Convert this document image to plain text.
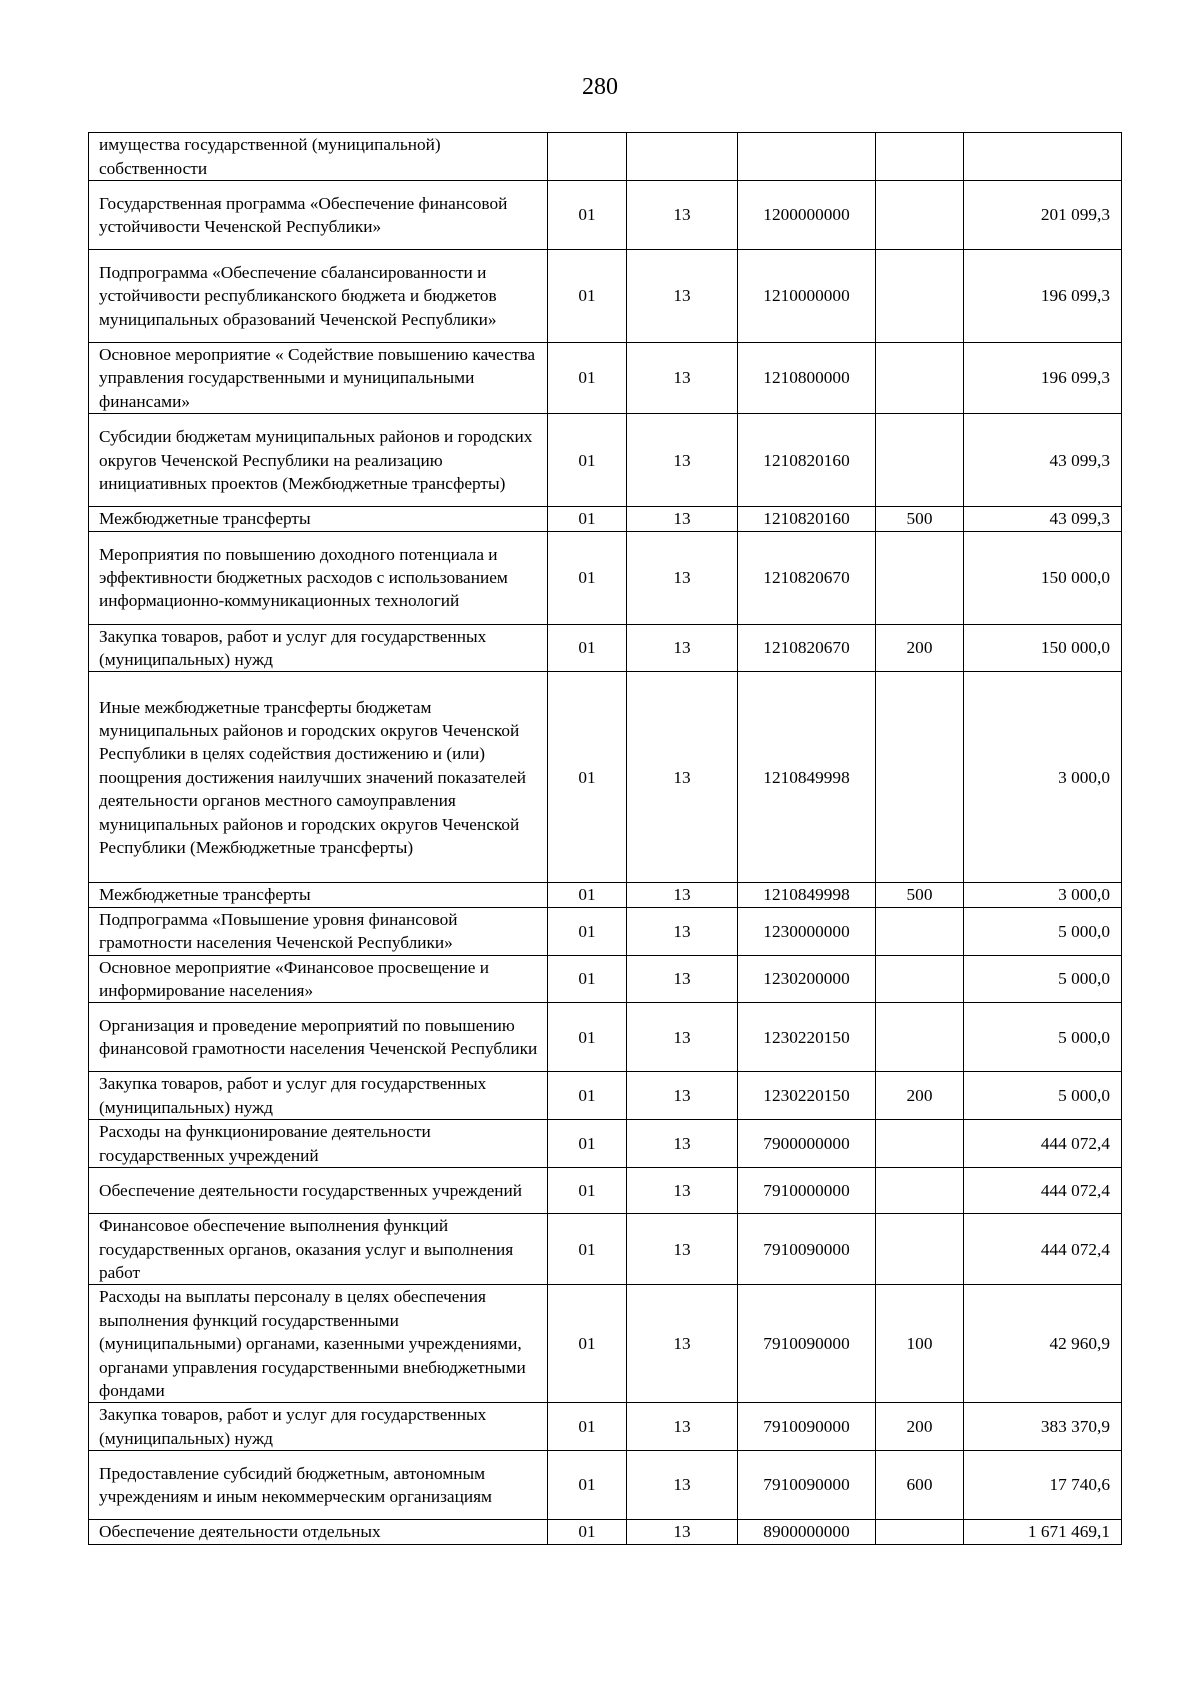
280
имущества государственной (муниципальной) собственности					
Государственная программа «Обеспечение финансовой устойчивости Чеченской Республики»	01	13	1200000000		201 099,3
Подпрограмма «Обеспечение сбалансированности и устойчивости республиканского бюджета и бюджетов муниципальных образований Чеченской Республики»	01	13	1210000000		196 099,3
Основное мероприятие « Содействие повышению качества управления государственными и муниципальными финансами»	01	13	1210800000		196 099,3
Субсидии бюджетам муниципальных районов и городских округов Чеченской Республики на реализацию инициативных проектов (Межбюджетные трансферты)	01	13	1210820160		43 099,3
Межбюджетные трансферты	01	13	1210820160	500	43 099,3
Мероприятия по повышению доходного потенциала и эффективности бюджетных расходов с использованием информационно-коммуникационных технологий	01	13	1210820670		150 000,0
Закупка товаров, работ и услуг для государственных (муниципальных) нужд	01	13	1210820670	200	150 000,0
Иные межбюджетные трансферты бюджетам муниципальных районов и городских округов Чеченской Республики в целях содействия достижению и (или) поощрения достижения наилучших значений показателей деятельности органов местного самоуправления муниципальных районов и городских округов Чеченской Республики (Межбюджетные трансферты)	01	13	1210849998		3 000,0
Межбюджетные трансферты	01	13	1210849998	500	3 000,0
Подпрограмма «Повышение уровня финансовой грамотности населения Чеченской Республики»	01	13	1230000000		5 000,0
Основное мероприятие «Финансовое просвещение и информирование населения»	01	13	1230200000		5 000,0
Организация и проведение мероприятий по повышению финансовой грамотности населения Чеченской Республики	01	13	1230220150		5 000,0
Закупка товаров, работ и услуг для государственных (муниципальных) нужд	01	13	1230220150	200	5 000,0
Расходы на функционирование деятельности государственных учреждений	01	13	7900000000		444 072,4
Обеспечение деятельности государственных учреждений	01	13	7910000000		444 072,4
Финансовое обеспечение выполнения функций государственных органов, оказания услуг и выполнения работ	01	13	7910090000		444 072,4
Расходы на выплаты персоналу в целях обеспечения выполнения функций государственными (муниципальными) органами, казенными учреждениями, органами управления государственными внебюджетными фондами	01	13	7910090000	100	42 960,9
Закупка товаров, работ и услуг для государственных (муниципальных) нужд	01	13	7910090000	200	383 370,9
Предоставление субсидий бюджетным, автономным учреждениям и иным некоммерческим организациям	01	13	7910090000	600	17 740,6
Обеспечение деятельности отдельных	01	13	8900000000		1 671 469,1
